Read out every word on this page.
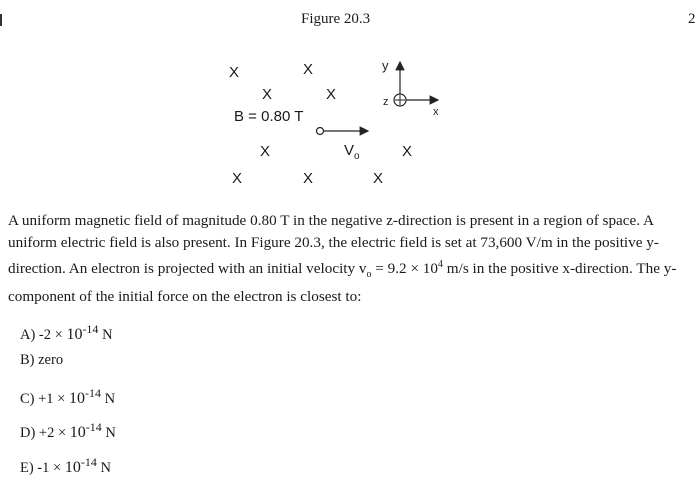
Figure 20.3	2
X	X
X	X
X	X
X	X	X
B = 0.80 T
$V_o$
y
z
x
A uniform magnetic field of magnitude 0.80 T in the negative z-direction is present in a region of space. A uniform electric field is also present. In Figure 20.3, the electric field is set at 73,600 V/m in the positive y-direction. An electron is projected with an initial velocity $v_o = 9.2 \times 10^4$ m/s in the positive x-direction. The y-component of the initial force on the electron is closest to:
A) $-2 \times 10^{-14}$ N
B) zero
$C) +1 \times 10^{-14}$ N
$D) +2 \times 10^{-14}$ N
E) $-1 \times 10^{-14}$ N
